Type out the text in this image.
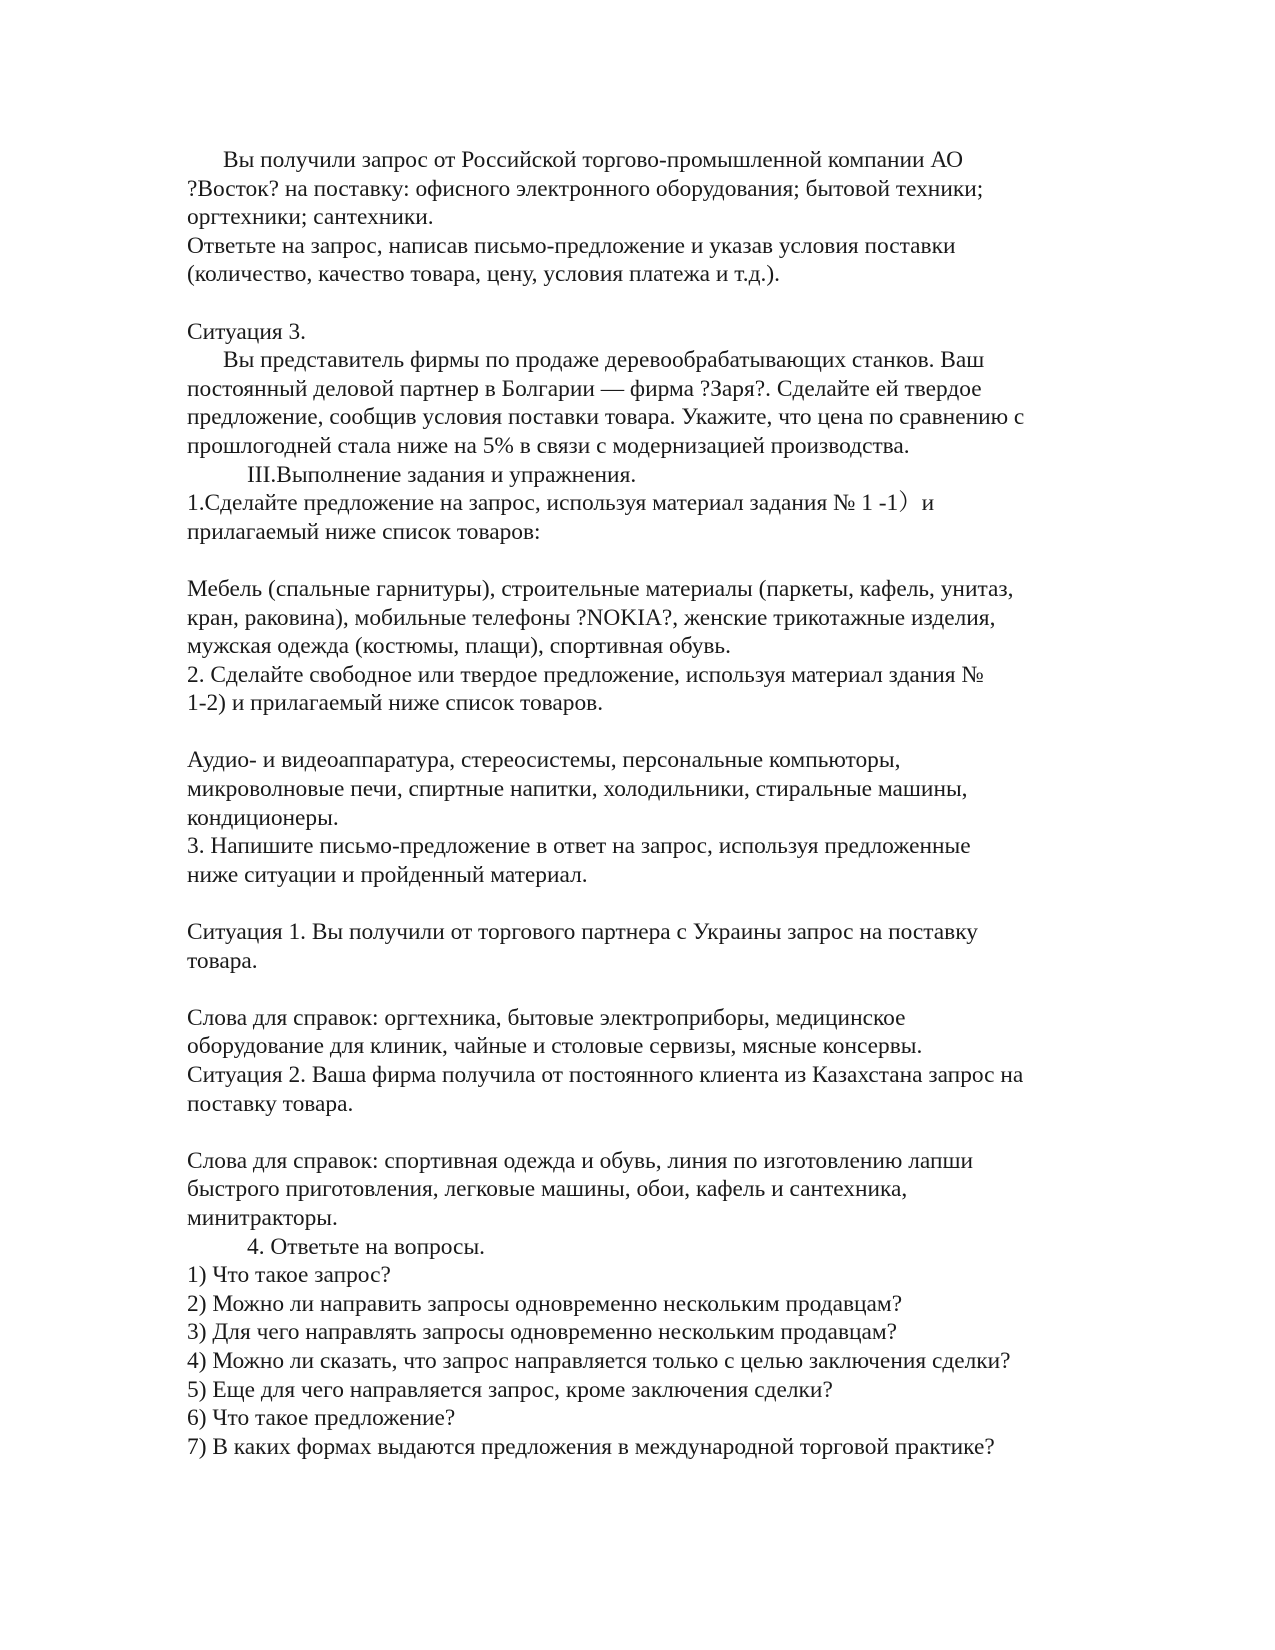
Вы получили запрос от Российской торгово-промышленной компании АО
?Восток? на поставку: офисного электронного оборудования; бытовой техники;
оргтехники; сантехники.
Ответьте на запрос, написав письмо-предложение и указав условия поставки
(количество, качество товара, цену, условия платежа и т.д.).
Ситуация 3.
Вы представитель фирмы по продаже деревообрабатывающих станков. Ваш
постоянный деловой партнер в Болгарии — фирма ?Заря?. Сделайте ей твердое
предложение, сообщив условия поставки товара. Укажите, что цена по сравнению с
прошлогодней стала ниже на 5% в связи с модернизацией производства.
III.Выполнение задания и упражнения.
1.Сделайте предложение на запрос, используя материал задания № 1 -1）и
прилагаемый ниже список товаров:
Мебель (спальные гарнитуры), строительные материалы (паркеты, кафель, унитаз,
кран, раковина), мобильные телефоны ?NOKIA?, женские трикотажные изделия,
мужская одежда (костюмы, плащи), спортивная обувь.
2. Сделайте свободное или твердое предложение, используя материал здания №
1-2) и прилагаемый ниже список товаров.
Аудио- и видеоаппаратура, стереосистемы, персональные компьюторы,
микроволновые печи, спиртные напитки, холодильники, стиральные машины,
кондиционеры.
3. Напишите письмо-предложение в ответ на запрос, используя предложенные
ниже ситуации и пройденный материал.
Ситуация 1. Вы получили от торгового партнера с Украины запрос на поставку
товара.
Слова для справок: оргтехника, бытовые электроприборы, медицинское
оборудование для клиник, чайные и столовые сервизы, мясные консервы.
Ситуация 2. Ваша фирма получила от постоянного клиента из Казахстана запрос на
поставку товара.
Слова для справок: спортивная одежда и обувь, линия по изготовлению лапши
быстрого приготовления, легковые машины, обои, кафель и сантехника,
минитракторы.
4. Ответьте на вопросы.
1) Что такое запрос?
2) Можно ли направить запросы одновременно нескольким продавцам?
3) Для чего направлять запросы одновременно нескольким продавцам?
4) Можно ли сказать, что запрос направляется только с целью заключения сделки?
5) Еще для чего направляется запрос, кроме заключения сделки?
6) Что такое предложение?
7) В каких формах выдаются предложения в международной торговой практике?
